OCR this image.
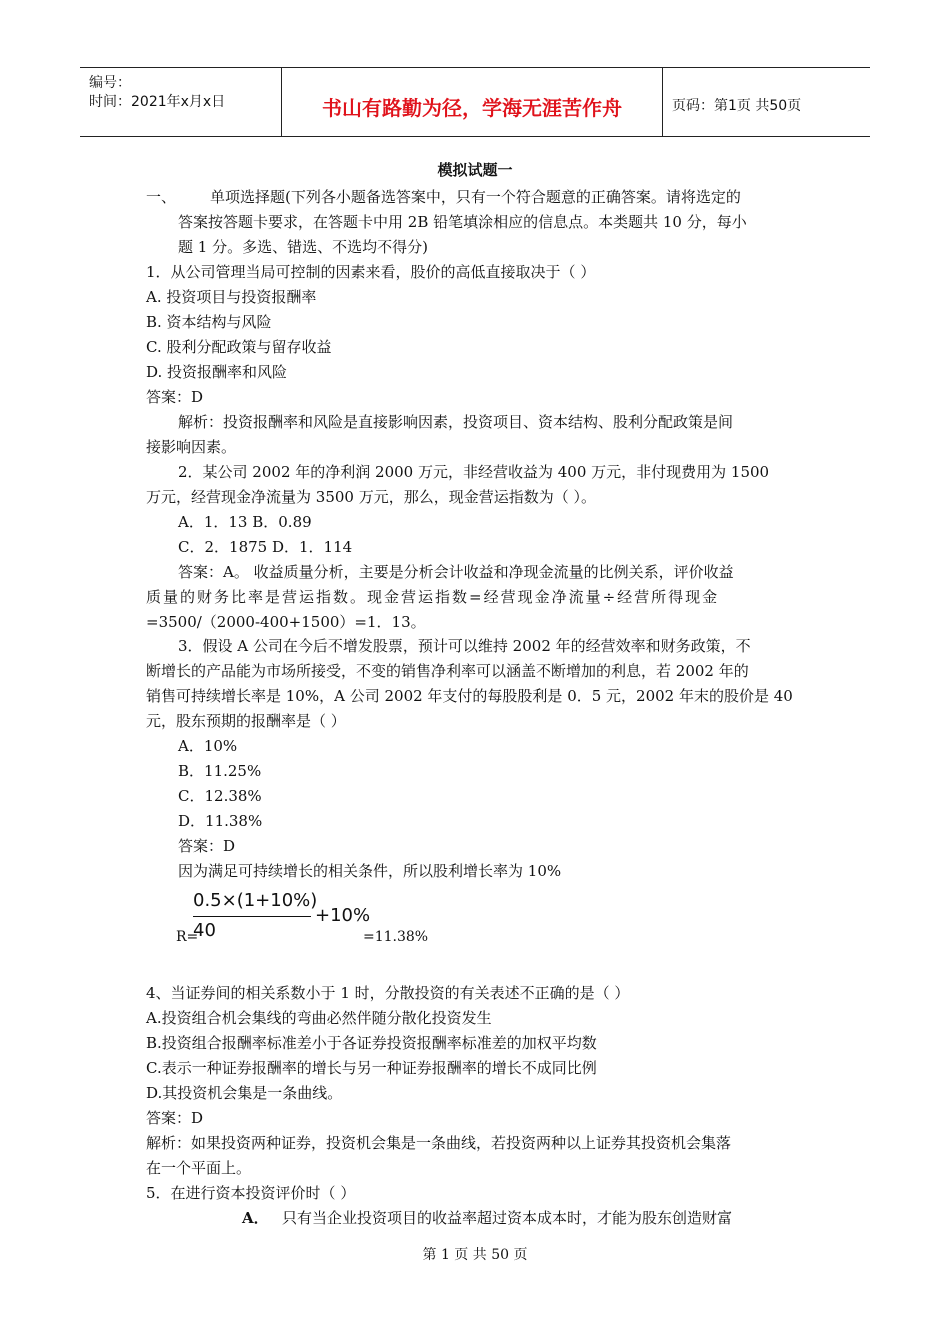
编号：
时间：2021年x月x日	书山有路勤为径，学海无涯苦作舟	页码：第1页 共50页
模拟试题一
一、 单项选择题(下列各小题备选答案中，只有一个符合题意的正确答案。请将选定的
答案按答题卡要求，在答题卡中用 2B 铅笔填涂相应的信息点。本类题共 10 分，每小
题 1 分。多选、错选、不选均不得分)
1．从公司管理当局可控制的因素来看，股价的高低直接取决于（ ）
A. 投资项目与投资报酬率
B. 资本结构与风险
C. 股利分配政策与留存收益
D. 投资报酬率和风险
答案：D
解析：投资报酬率和风险是直接影响因素，投资项目、资本结构、股利分配政策是间
接影响因素。
2．某公司 2002 年的净利润 2000 万元，非经营收益为 400 万元，非付现费用为 1500
万元，经营现金净流量为 3500 万元，那么，现金营运指数为（ ）。
A．1．13 B．0.89
C．2．1875 D．1．114
答案：A。 收益质量分析，主要是分析会计收益和净现金流量的比例关系，评价收益
质量的财务比率是营运指数。现金营运指数=经营现金净流量÷经营所得现金
=3500/（2000-400+1500）=1．13。
3．假设 A 公司在今后不增发股票，预计可以维持 2002 年的经营效率和财务政策，不
断增长的产品能为市场所接受，不变的销售净利率可以涵盖不断增加的利息，若 2002 年的
销售可持续增长率是 10%，A 公司 2002 年支付的每股股利是 0．5 元，2002 年末的股价是 40
元，股东预期的报酬率是（ ）
A．10%
B．11.25%
C．12.38%
D．11.38%
答案：D
因为满足可持续增长的相关条件，所以股利增长率为 10%
0.5×(1+10%)
40
+10%
R=	=11.38%
4、当证券间的相关系数小于 1 时，分散投资的有关表述不正确的是（ ）
A.投资组合机会集线的弯曲必然伴随分散化投资发生
B.投资组合报酬率标准差小于各证券投资报酬率标准差的加权平均数
C.表示一种证券报酬率的增长与另一种证券报酬率的增长不成同比例
D.其投资机会集是一条曲线。
答案：D
解析：如果投资两种证券，投资机会集是一条曲线，若投资两种以上证券其投资机会集落
在一个平面上。
5．在进行资本投资评价时（ ）
A． 只有当企业投资项目的收益率超过资本成本时，才能为股东创造财富
第 1 页 共 50 页
